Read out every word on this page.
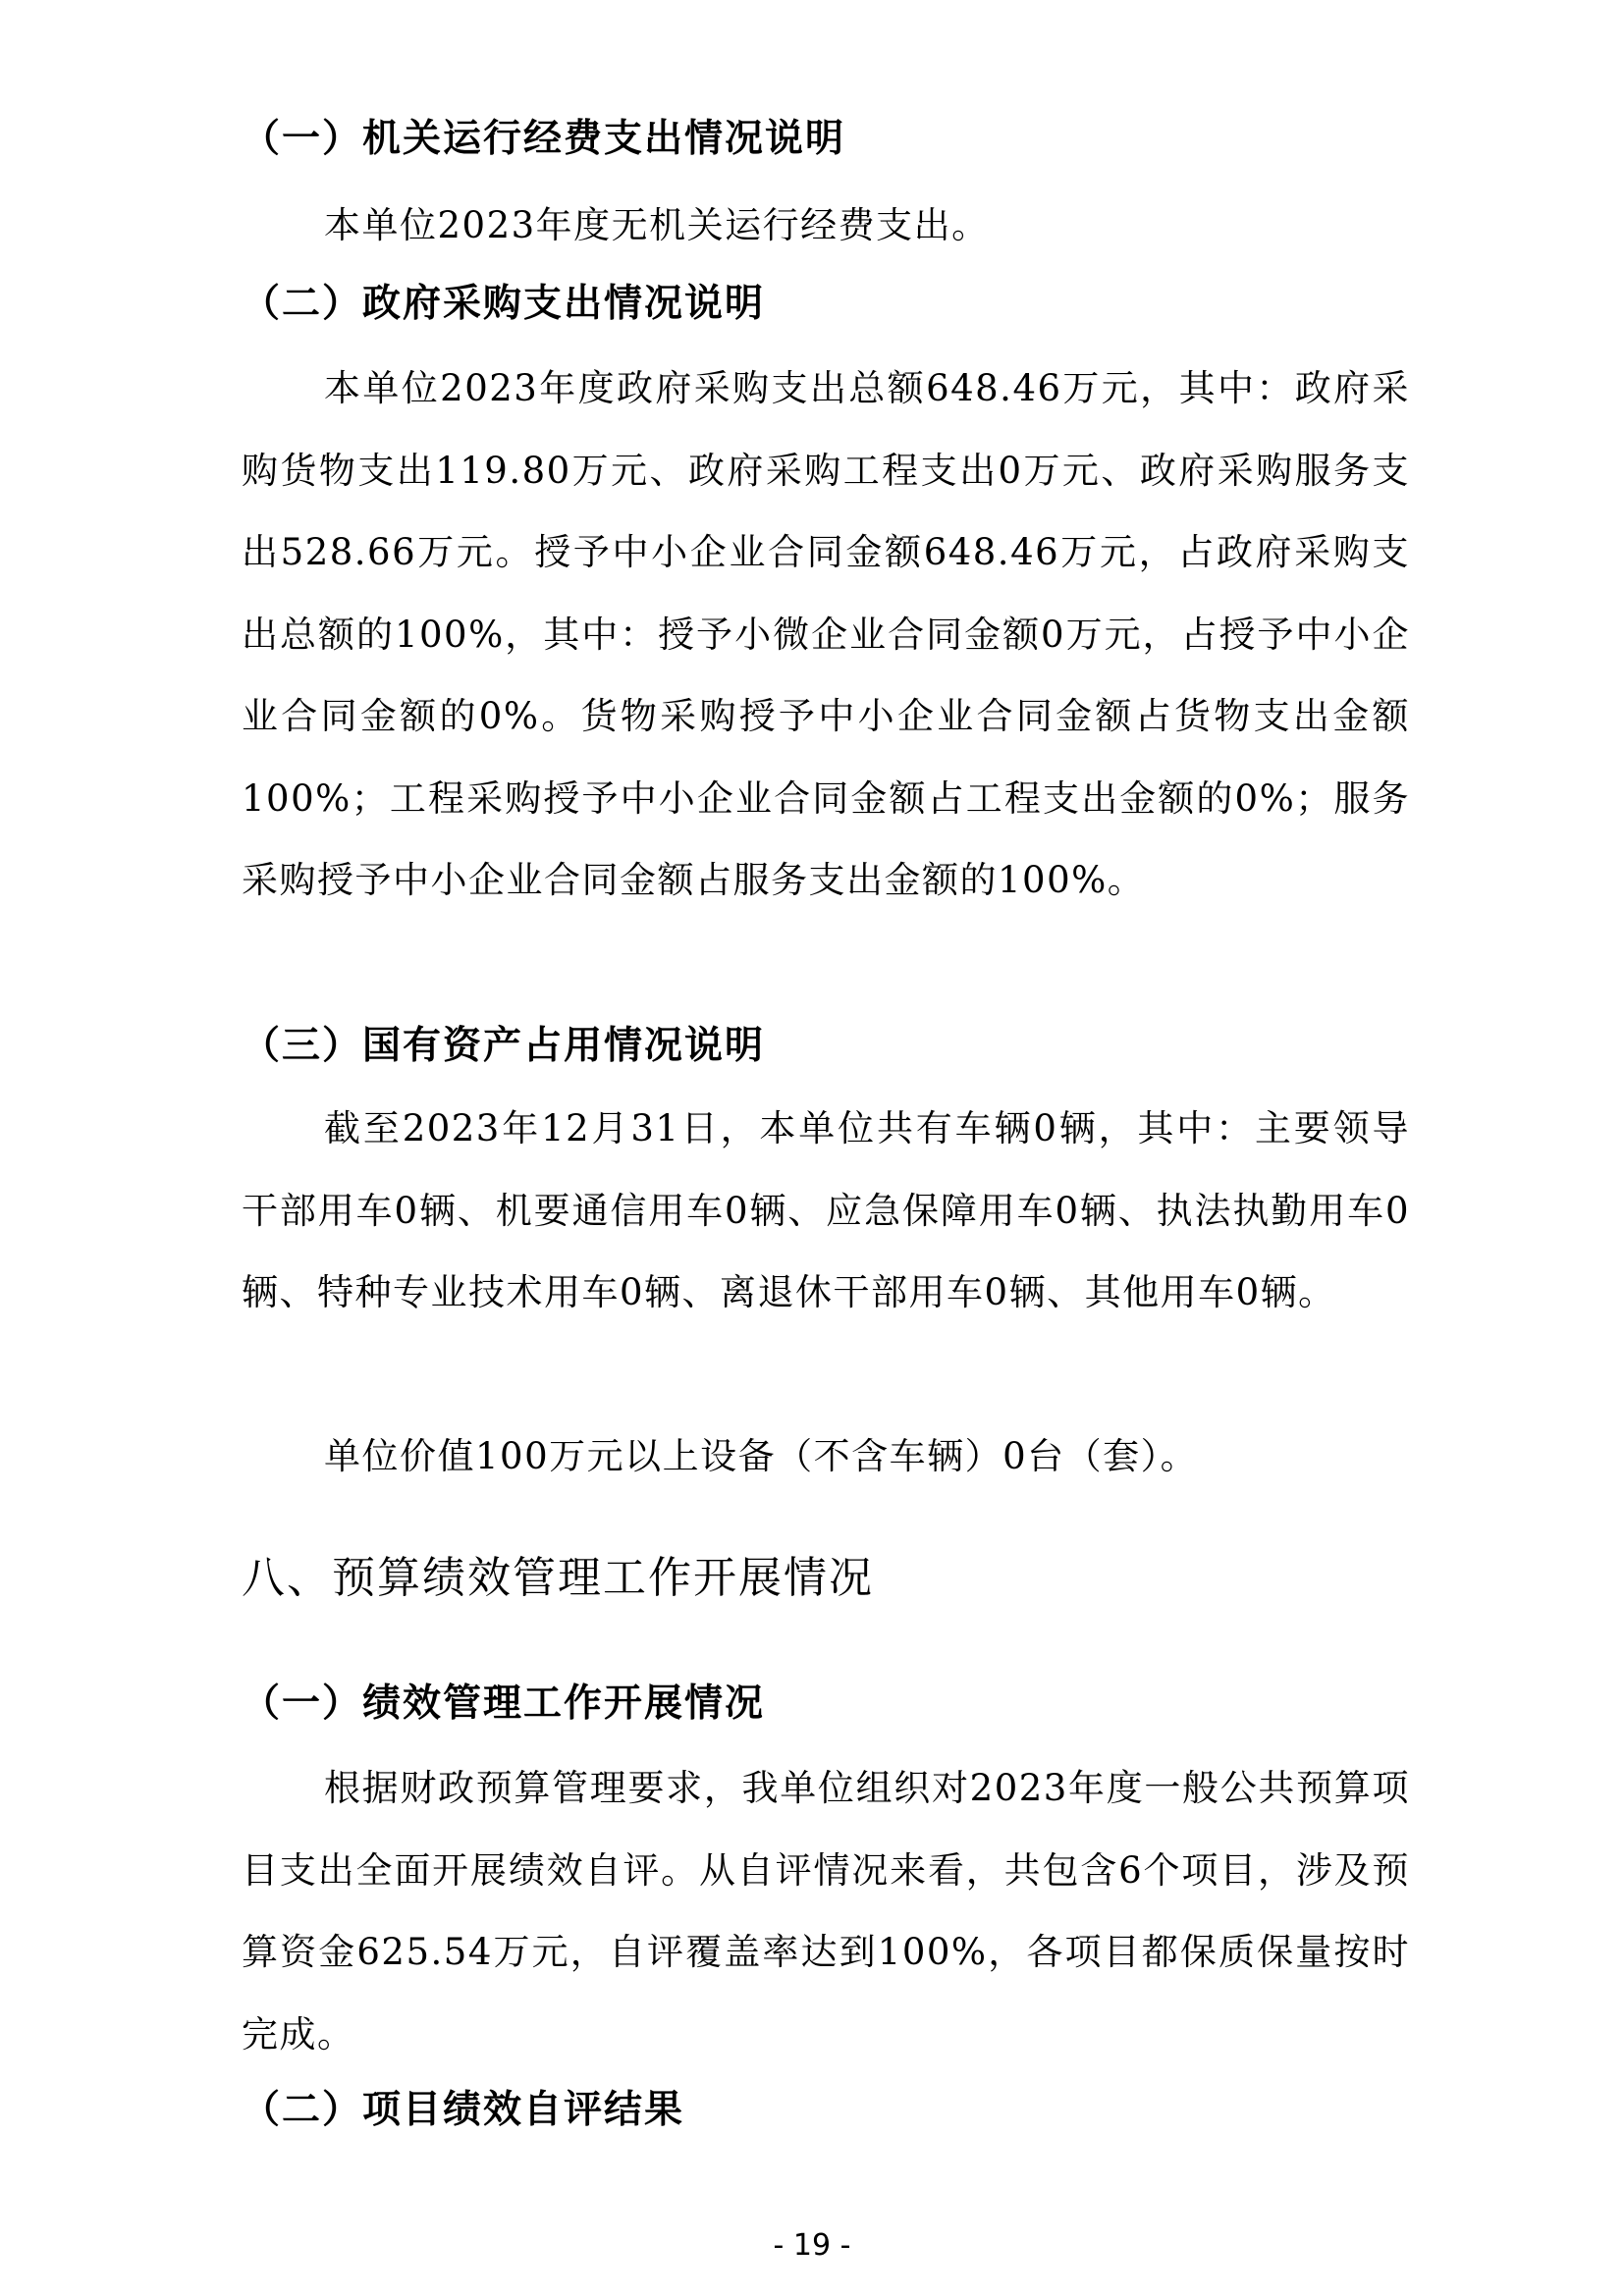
（一）机关运行经费支出情况说明

本单位2023年度无机关运行经费支出。

（二）政府采购支出情况说明

本单位2023年度政府采购支出总额648.46万元，其中：政府采购货物支出119.80万元、政府采购工程支出0万元、政府采购服务支出528.66万元。授予中小企业合同金额648.46万元，占政府采购支出总额的100%，其中：授予小微企业合同金额0万元，占授予中小企业合同金额的0%。货物采购授予中小企业合同金额占货物支出金额100%；工程采购授予中小企业合同金额占工程支出金额的0%；服务采购授予中小企业合同金额占服务支出金额的100%。

（三）国有资产占用情况说明

截至2023年12月31日，本单位共有车辆0辆，其中：主要领导干部用车0辆、机要通信用车0辆、应急保障用车0辆、执法执勤用车0辆、特种专业技术用车0辆、离退休干部用车0辆、其他用车0辆。

单位价值100万元以上设备（不含车辆）0台（套）。

八、预算绩效管理工作开展情况
（一）绩效管理工作开展情况

根据财政预算管理要求，我单位组织对2023年度一般公共预算项目支出全面开展绩效自评。从自评情况来看，共包含6个项目，涉及预算资金625.54万元，自评覆盖率达到100%，各项目都保质保量按时完成。

（二）项目绩效自评结果
- 19 -
